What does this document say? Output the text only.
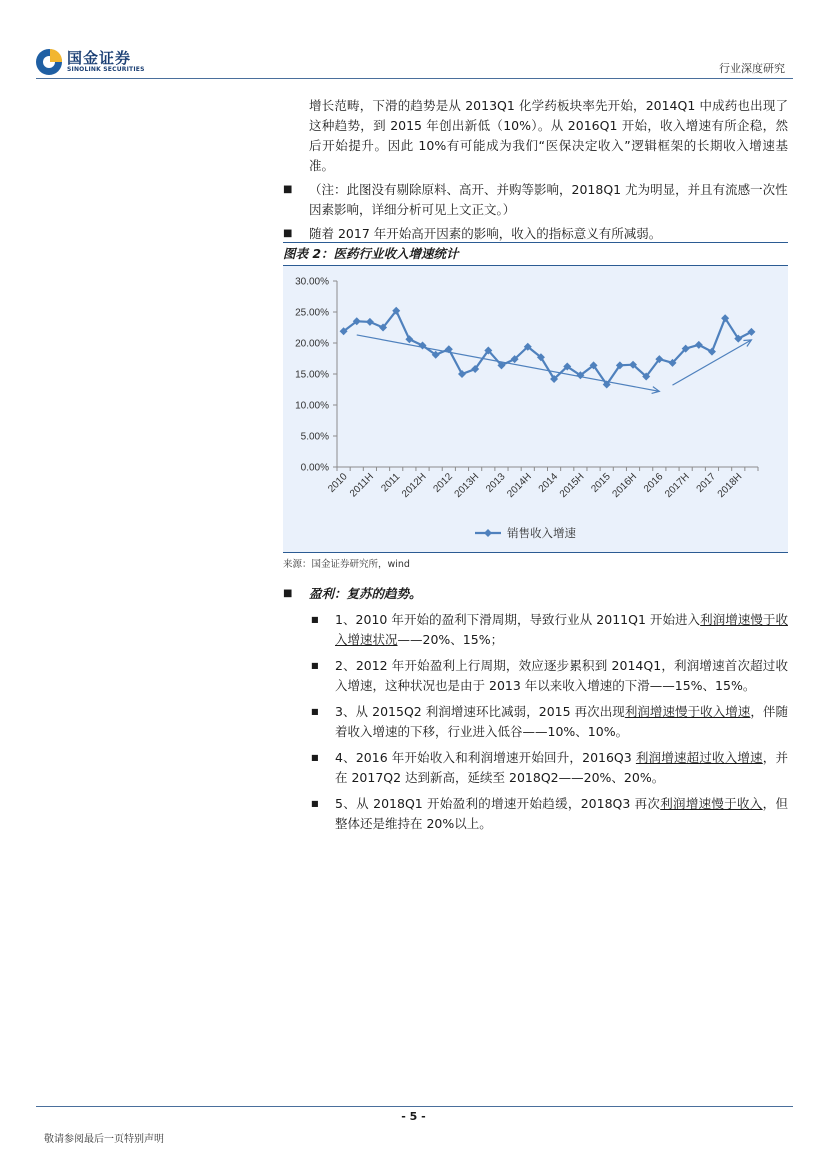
国金证券
SINOLINK SECURITIES	行业深度研究

增长范畴，下滑的趋势是从 2013Q1 化学药板块率先开始，2014Q1 中成药也出现了这种趋势，到 2015 年创出新低（10%）。从 2016Q1 开始，收入增速有所企稳，然后开始提升。因此 10%有可能成为我们“医保决定收入”逻辑框架的长期收入增速基准。

■ （注：此图没有剔除原料、高开、并购等影响，2018Q1 尤为明显，并且有流感一次性因素影响，详细分析可见上文正文。）
■ 随着 2017 年开始高开因素的影响，收入的指标意义有所减弱。
图表 2：医药行业收入增速统计
30.00%
25.00%
20.00%
15.00%
10.00%
5.00%
0.00%
2010
2011H 2011
2012H 2012
2013H 2013
2014H 2014
2015H 2015
2016H 2016
2017H 2017
2018H
销售收入增速
来源：国金证券研究所，wind
■ 盈利：复苏的趋势。
■ 1、2010 年开始的盈利下滑周期，导致行业从 2011Q1 开始进入利润增速慢于收入增速状况——20%、15%；
■ 2、2012 年开始盈利上行周期，效应逐步累积到 2014Q1，利润增速首次超过收入增速，这种状况也是由于 2013 年以来收入增速的下滑——15%、15%。
■ 3、从 2015Q2 利润增速环比减弱，2015 再次出现利润增速慢于收入增速，伴随着收入增速的下移，行业进入低谷——10%、10%。
■ 4、2016 年开始收入和利润增速开始回升，2016Q3 利润增速超过收入增速，并在 2017Q2 达到新高，延续至 2018Q2——20%、20%。
■ 5、从 2018Q1 开始盈利的增速开始趋缓，2018Q3 再次利润增速慢于收入，但整体还是维持在 20%以上。
- 5 -
敬请参阅最后一页特别声明
